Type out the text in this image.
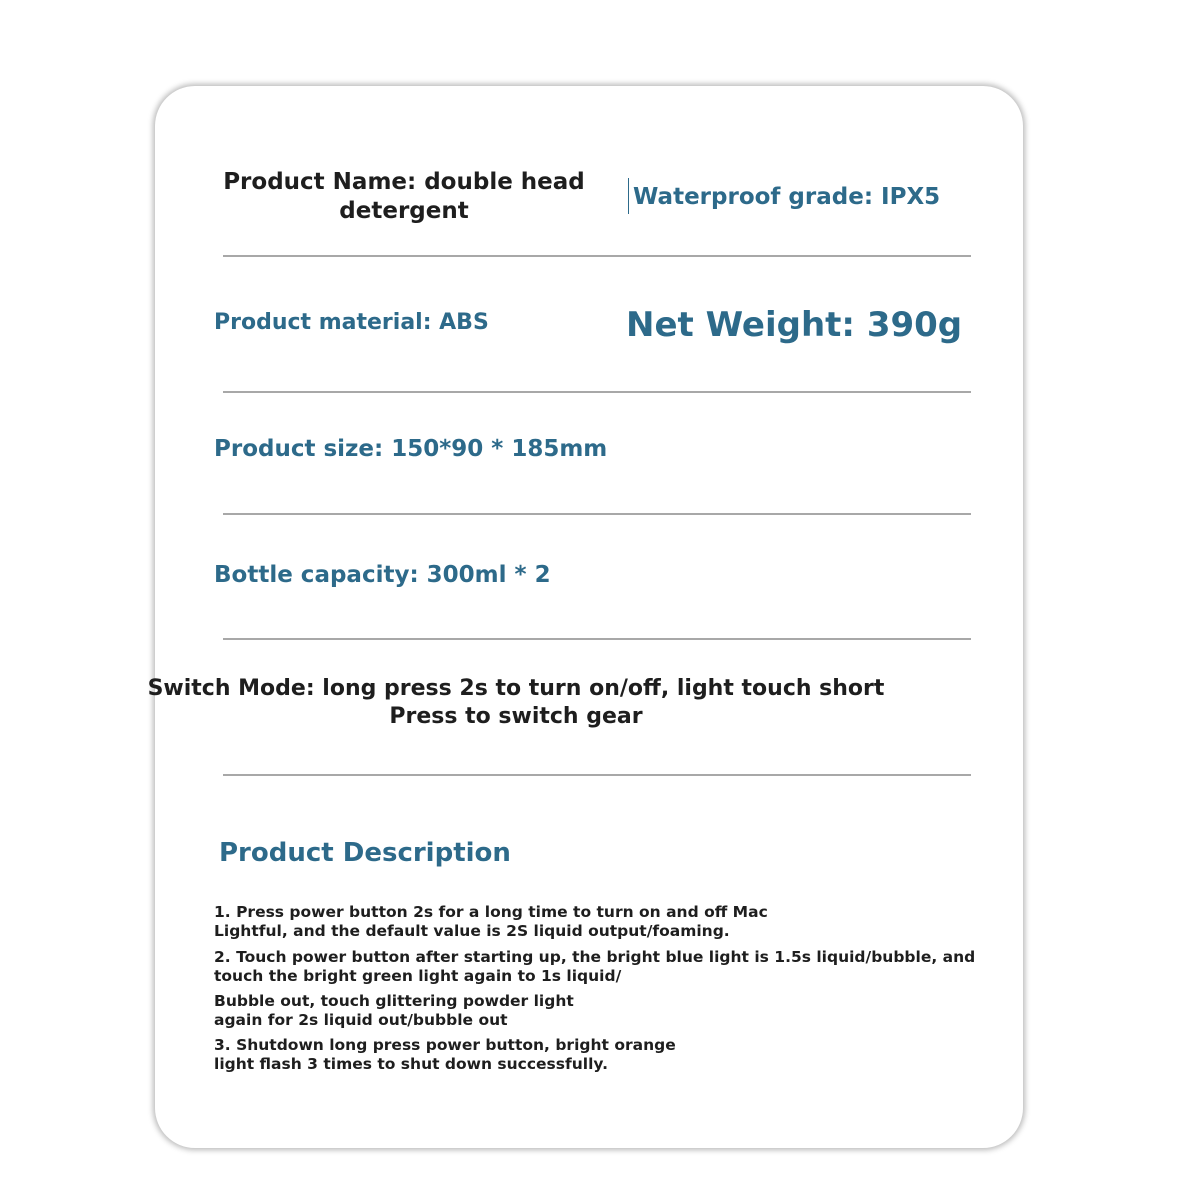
Product Name: double head detergent
Waterproof grade: IPX5
Product material: ABS	Net Weight: 390g
Product size: 150*90 * 185mm
Bottle capacity: 300ml * 2
Switch Mode: long press 2s to turn on/off, light touch short Press to switch gear
Product Description
1. Press power button 2s for a long time to turn on and off Mac
Lightful, and the default value is 2S liquid output/foaming.
2. Touch power button after starting up, the bright blue light is 1.5s liquid/bubble, and
touch the bright green light again to 1s liquid/
Bubble out, touch glittering powder light
again for 2s liquid out/bubble out
3. Shutdown long press power button, bright orange
light flash 3 times to shut down successfully.
